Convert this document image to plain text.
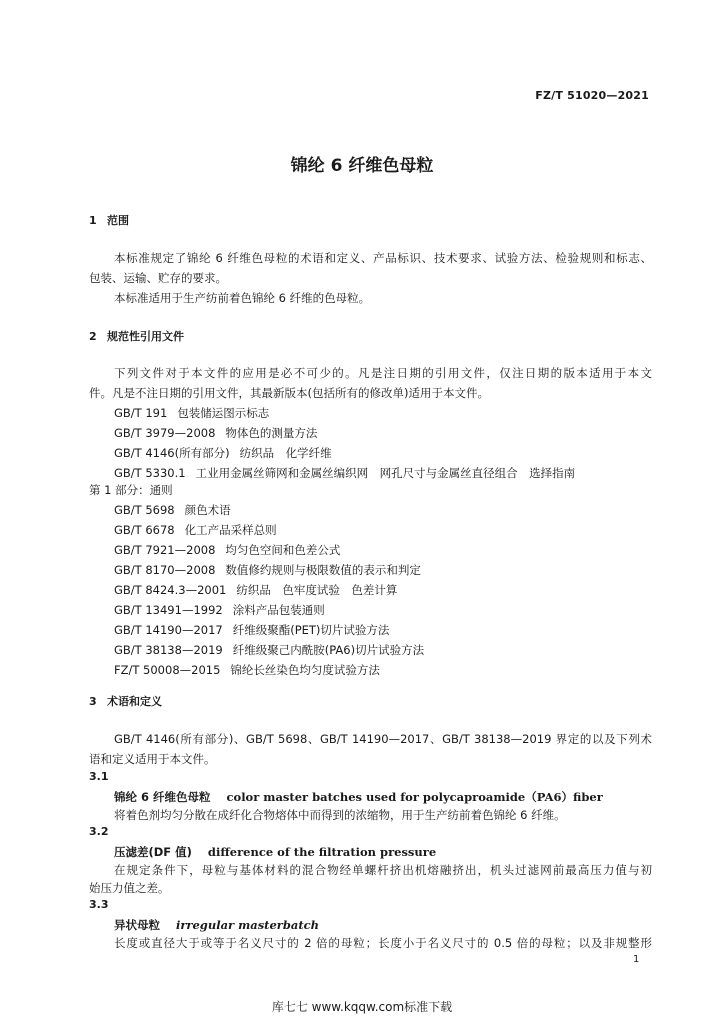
FZ/T 51020—2021
锦纶 6 纤维色母粒
1 范围
本标准规定了锦纶 6 纤维色母粒的术语和定义、产品标识、技术要求、试验方法、检验规则和标志、
包装、运输、贮存的要求。
本标准适用于生产纺前着色锦纶 6 纤维的色母粒。
2 规范性引用文件
下列文件对于本文件的应用是必不可少的。凡是注日期的引用文件，仅注日期的版本适用于本文
件。凡是不注日期的引用文件，其最新版本(包括所有的修改单)适用于本文件。
GB/T 191 包装储运图示标志
GB/T 3979—2008 物体色的测量方法
GB/T 4146(所有部分) 纺织品　化学纤维
GB/T 5330.1 工业用金属丝筛网和金属丝编织网　网孔尺寸与金属丝直径组合　选择指南
第 1 部分：通则
GB/T 5698 颜色术语
GB/T 6678 化工产品采样总则
GB/T 7921—2008 均匀色空间和色差公式
GB/T 8170—2008 数值修约规则与极限数值的表示和判定
GB/T 8424.3—2001 纺织品　色牢度试验　色差计算
GB/T 13491—1992 涂料产品包装通则
GB/T 14190—2017 纤维级聚酯(PET)切片试验方法
GB/T 38138—2019 纤维级聚己内酰胺(PA6)切片试验方法
FZ/T 50008—2015 锦纶长丝染色均匀度试验方法
3 术语和定义
GB/T 4146(所有部分)、GB/T 5698、GB/T 14190—2017、GB/T 38138—2019 界定的以及下列术
语和定义适用于本文件。
3.1
锦纶 6 纤维色母粒 color master batches used for polycaproamide（PA6）fiber
将着色剂均匀分散在成纤化合物熔体中而得到的浓缩物，用于生产纺前着色锦纶 6 纤维。
3.2
压滤差(DF 值) difference of the filtration pressure
在规定条件下，母粒与基体材料的混合物经单螺杆挤出机熔融挤出，机头过滤网前最高压力值与初
始压力值之差。
3.3
异状母粒 irregular masterbatch
长度或直径大于或等于名义尺寸的 2 倍的母粒；长度小于名义尺寸的 0.5 倍的母粒；以及非规整形
1
库七七 www.kqqw.com标准下载
